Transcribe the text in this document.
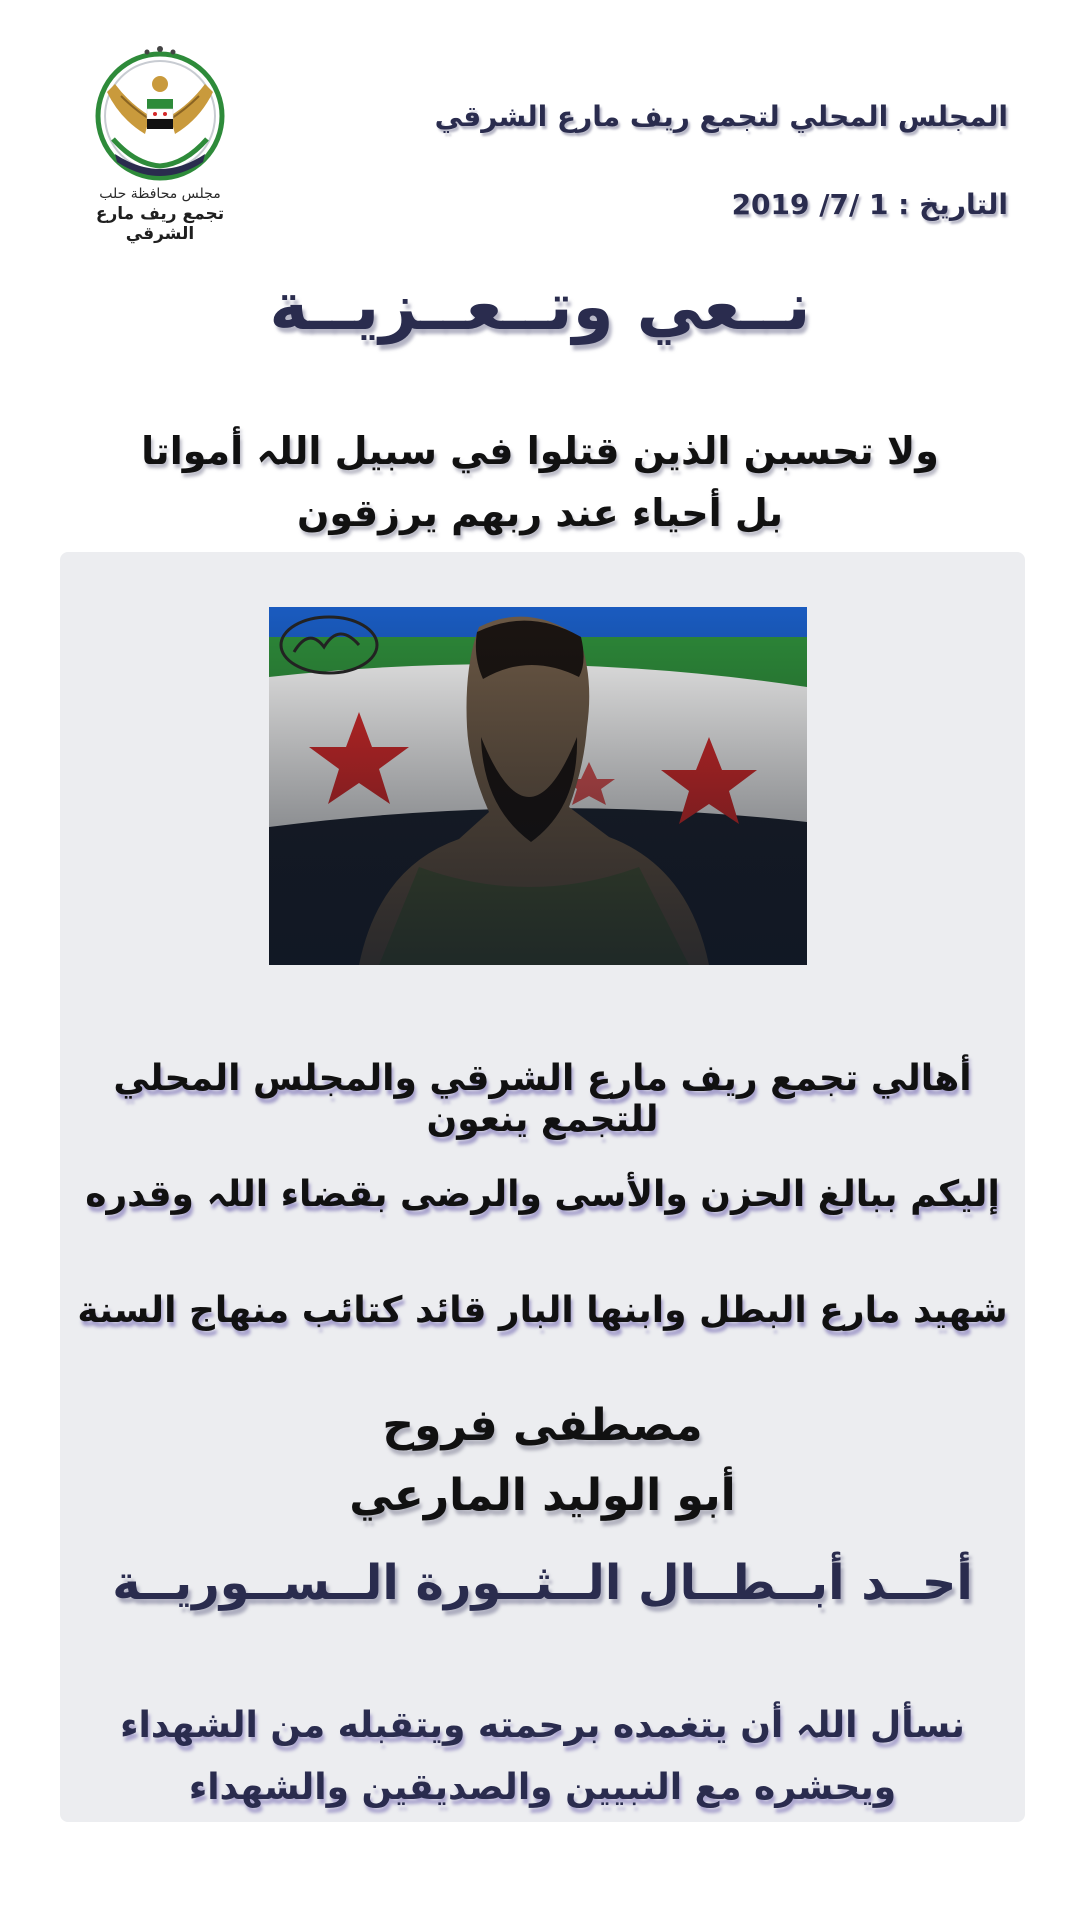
مجلس محافظة حلب
تجمع ريف مارع الشرقي
المجلس المحلي لتجمع ريف مارع الشرقي
التاريخ : 1 /7/ 2019
نــعي وتــعــزيــة
ولا تحسبن الذين قتلوا في سبيل اللہ أمواتا بل أحياء عند ربهم يرزقون
أهالي تجمع ريف مارع الشرقي والمجلس المحلي للتجمع ينعون
إليكم ببالغ الحزن والأسى والرضى بقضاء اللہ وقدره
شهيد مارع البطل وابنها البار قائد كتائب منهاج السنة
مصطفى فروح
أبو الوليد المارعي
أحــد أبــطــال الــثــورة الــســوريــة
نسأل اللہ أن يتغمده برحمته ويتقبله من الشهداء ويحشره مع النبيين والصديقين والشهداء
